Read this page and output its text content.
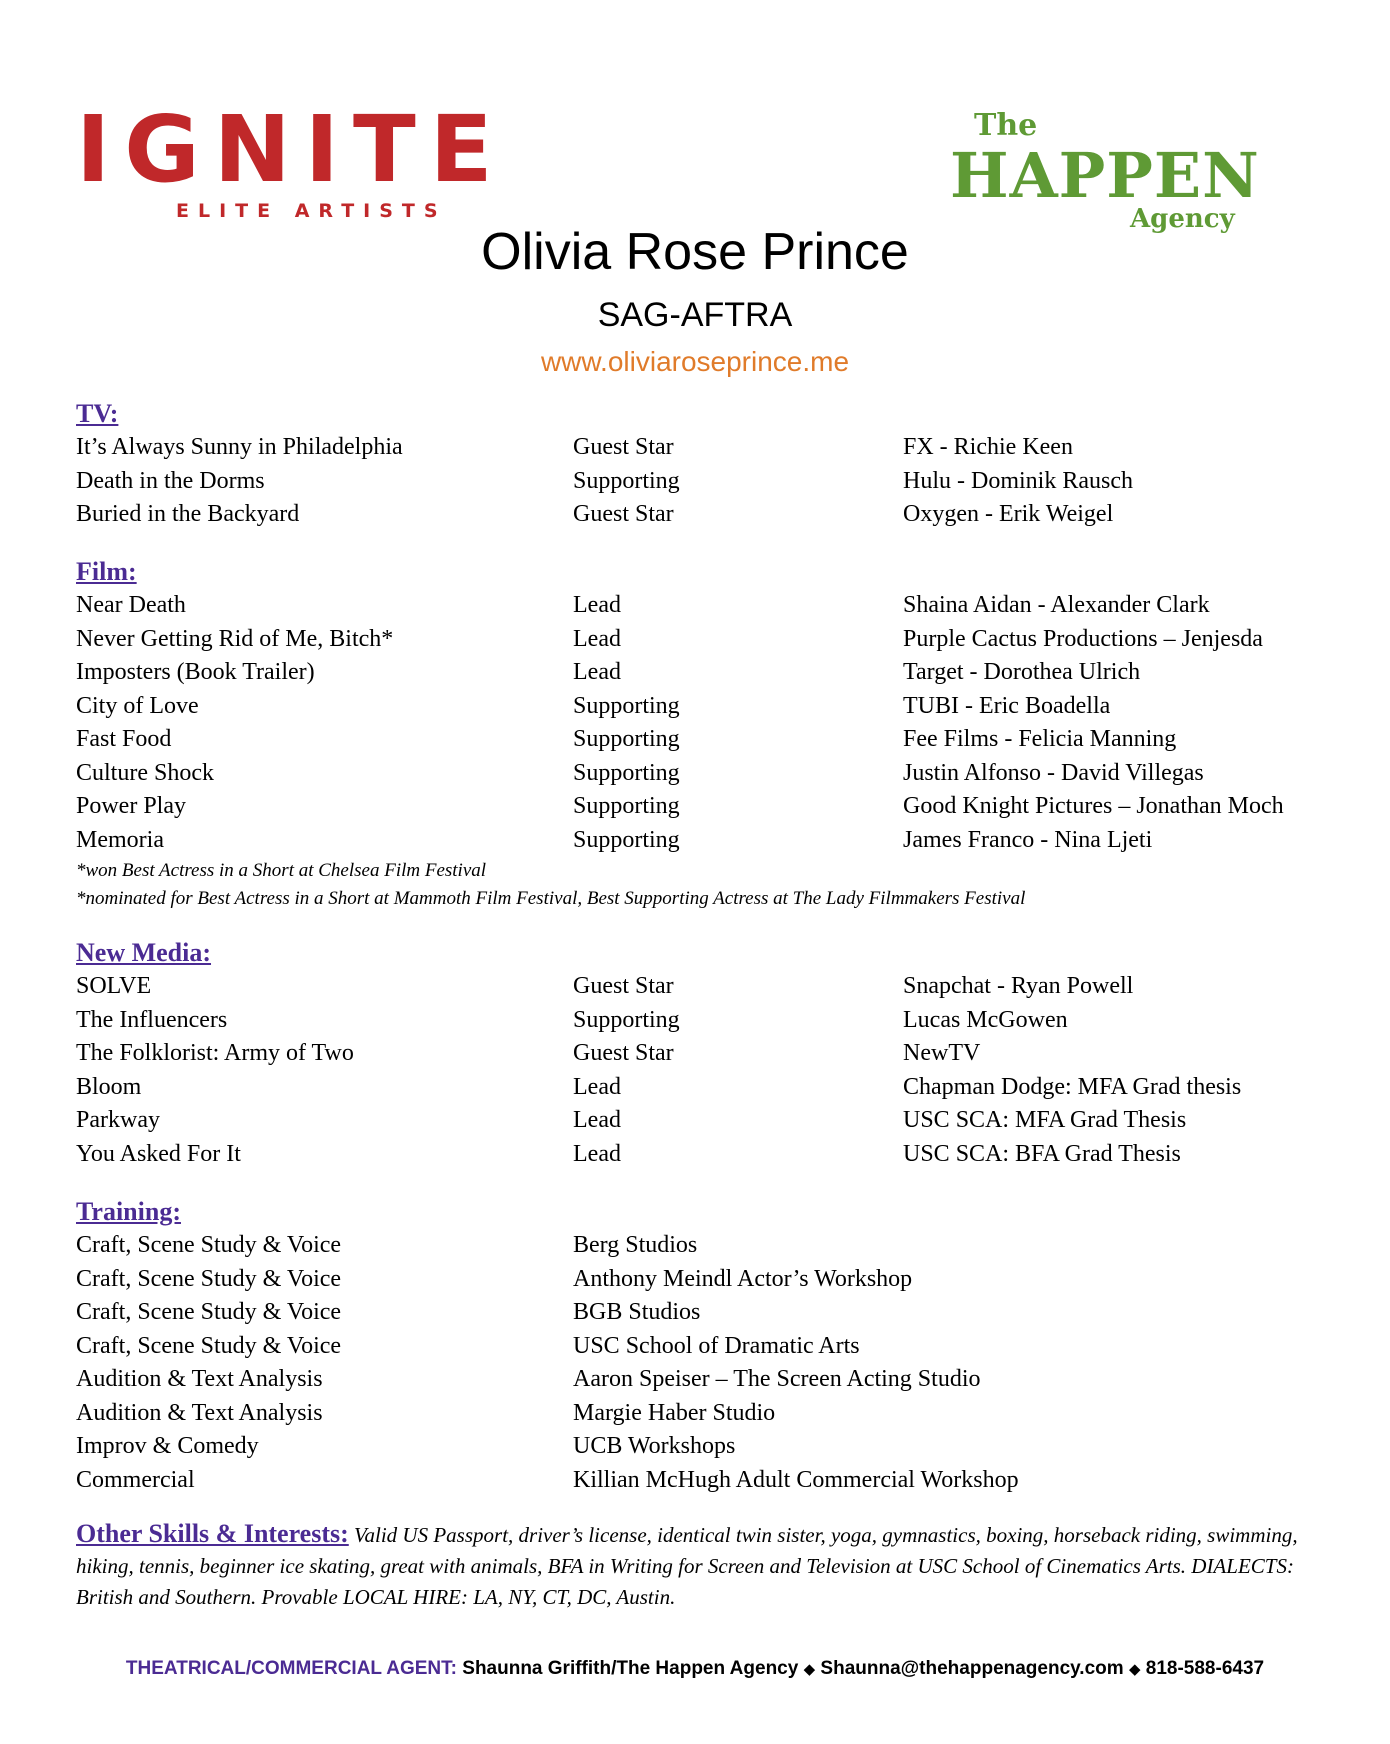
IGNITE
ELITE ARTISTS
The
HAPPEN
Agency
Olivia Rose Prince
SAG-AFTRA
www.oliviaroseprince.me
TV:
It’s Always Sunny in Philadelphia	Guest Star	FX - Richie Keen
Death in the Dorms	Supporting	Hulu - Dominik Rausch
Buried in the Backyard	Guest Star	Oxygen - Erik Weigel
Film:
Near Death	Lead	Shaina Aidan - Alexander Clark
Never Getting Rid of Me, Bitch*	Lead	Purple Cactus Productions – Jenjesda
Imposters (Book Trailer)	Lead	Target - Dorothea Ulrich
City of Love	Supporting	TUBI - Eric Boadella
Fast Food	Supporting	Fee Films - Felicia Manning
Culture Shock	Supporting	Justin Alfonso - David Villegas
Power Play	Supporting	Good Knight Pictures – Jonathan Moch
Memoria	Supporting	James Franco - Nina Ljeti
*won Best Actress in a Short at Chelsea Film Festival
*nominated for Best Actress in a Short at Mammoth Film Festival, Best Supporting Actress at The Lady Filmmakers Festival
New Media:
SOLVE	Guest Star	Snapchat - Ryan Powell
The Influencers	Supporting	Lucas McGowen
The Folklorist: Army of Two	Guest Star	NewTV
Bloom	Lead	Chapman Dodge: MFA Grad thesis
Parkway	Lead	USC SCA: MFA Grad Thesis
You Asked For It	Lead	USC SCA: BFA Grad Thesis
Training:
Craft, Scene Study & Voice	Berg Studios
Craft, Scene Study & Voice	Anthony Meindl Actor’s Workshop
Craft, Scene Study & Voice	BGB Studios
Craft, Scene Study & Voice	USC School of Dramatic Arts
Audition & Text Analysis	Aaron Speiser – The Screen Acting Studio
Audition & Text Analysis	Margie Haber Studio
Improv & Comedy	UCB Workshops
Commercial	Killian McHugh Adult Commercial Workshop
Other Skills & Interests: Valid US Passport, driver’s license, identical twin sister, yoga, gymnastics, boxing, horseback riding, swimming, hiking, tennis, beginner ice skating, great with animals, BFA in Writing for Screen and Television at USC School of Cinematics Arts. DIALECTS: British and Southern. Provable LOCAL HIRE: LA, NY, CT, DC, Austin.
THEATRICAL/COMMERCIAL AGENT: Shaunna Griffith/The Happen Agency ◆ Shaunna@thehappenagency.com ◆ 818-588-6437
